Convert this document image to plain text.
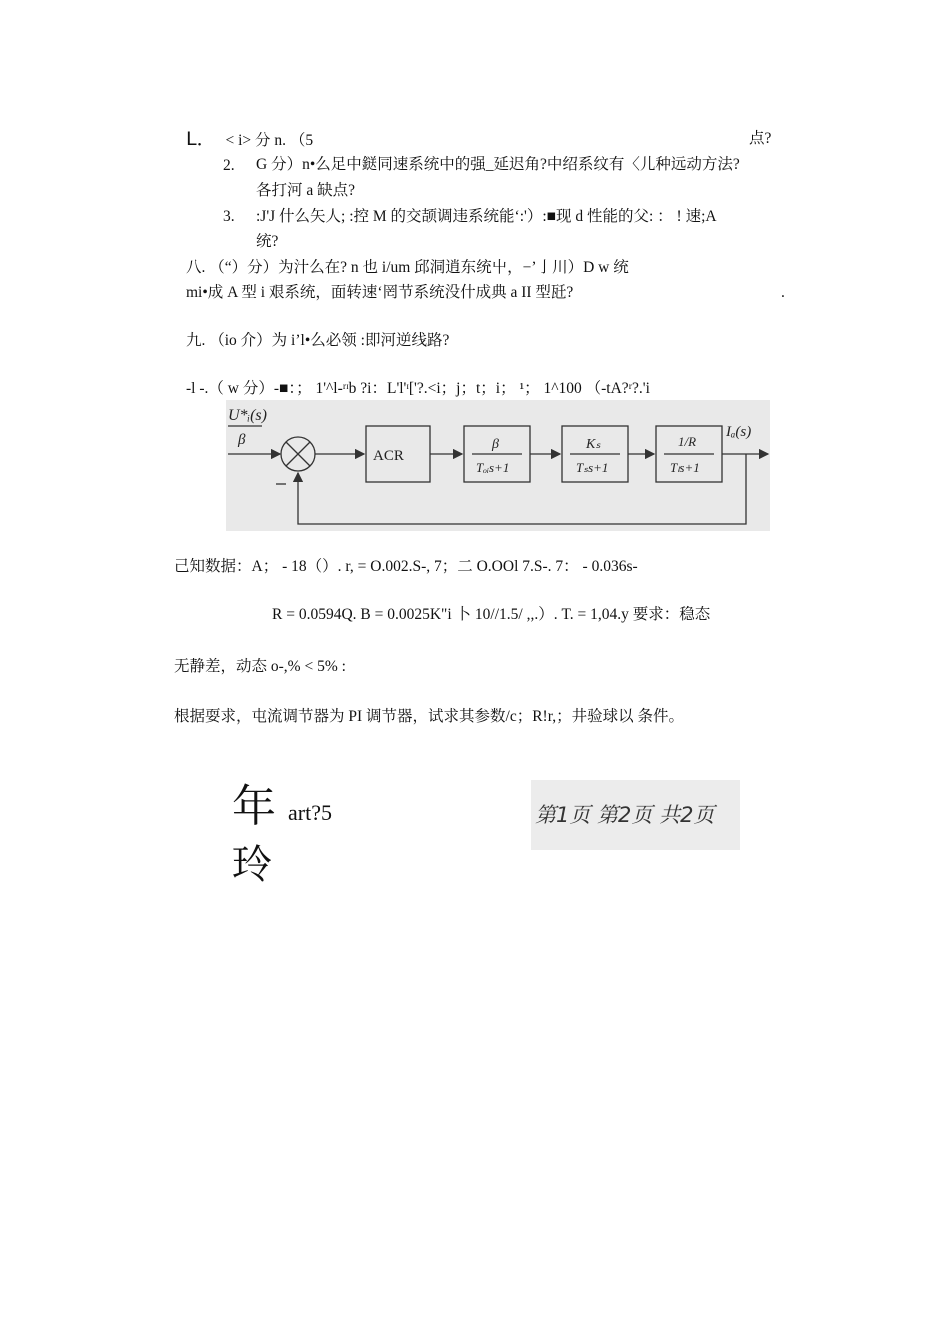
L． < i> 分 n. （5	点?
2. G 分）n•么足中鎹同速系统中的强_延迟角?中绍系纹有〈儿种远动方法?
各打河 a 缺点?
3. :J'J 什么矢人; :控 M 的交颉调违系统能‘:'）:■现 d 性能的父: ： ! 速;A
统?
八. （“）分）为汁么在? n 也 i/um 邱洞逍东统屮，−’亅川）D w 统
mi•成 A 型 i 艰系统，面转速‘罔节系统没什成典 a II 型瓩?	.
九. （io 介）为 i’l•么必领 :即河逆线路?
-l -.（ w 分）-■：； 1'^l-ʳᶦb ?i：L'l'ᶦ['?.<i；j；t；i； ¹； 1^100 （-tA?ʳ?.'i
U*ᵢ(s)
β
ACR
β
Tₒᵢs+1
Kₛ
Tₛs+1
1/R
Tₗs+1
Iₐ(s)
己知数据：A； - 18（）. r, = O.002.S-, 7；二 O.OOl 7.S-. 7： - 0.036s-
R = 0.0594Q. B = 0.0025K"i 卜 10//1.5/ ,,.）. T. = 1,04.y 要求：稳态
无静差，动态 o-,% < 5% :
根据耍求，屯流调节器为 PI 调节器，试求其参数/c；R!r,；井验球以 条件。
年 art?5
玲
第1页 第2页 共2页
